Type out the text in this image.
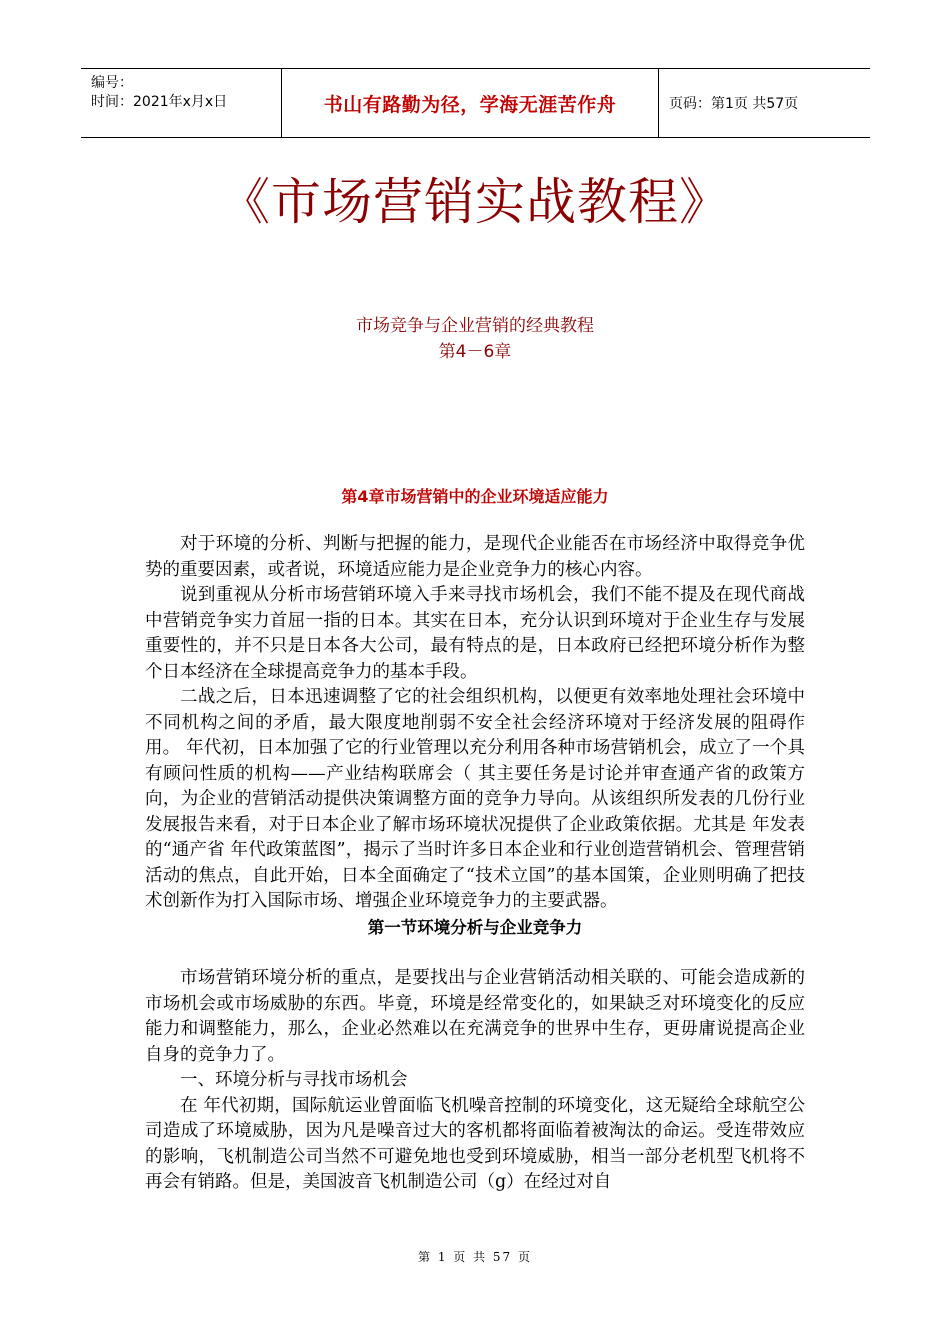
编号：
时间：2021年x月x日	书山有路勤为径，学海无涯苦作舟	页码：第1页 共57页
《市场营销实战教程》
市场竞争与企业营销的经典教程
第4－6章
第4章市场营销中的企业环境适应能力

对于环境的分析、判断与把握的能力，是现代企业能否在市场经济中取得竞争优势的重要因素，或者说，环境适应能力是企业竞争力的核心内容。

说到重视从分析市场营销环境入手来寻找市场机会，我们不能不提及在现代商战中营销竞争实力首屈一指的日本。其实在日本，充分认识到环境对于企业生存与发展重要性的，并不只是日本各大公司，最有特点的是，日本政府已经把环境分析作为整个日本经济在全球提高竞争力的基本手段。

二战之后，日本迅速调整了它的社会组织机构，以便更有效率地处理社会环境中不同机构之间的矛盾，最大限度地削弱不安全社会经济环境对于经济发展的阻碍作用。 年代初，日本加强了它的行业管理以充分利用各种市场营销机会，成立了一个具有顾问性质的机构——产业结构联席会（ 其主要任务是讨论并审查通产省的政策方向，为企业的营销活动提供决策调整方面的竞争力导向。从该组织所发表的几份行业发展报告来看，对于日本企业了解市场环境状况提供了企业政策依据。尤其是 年发表的“通产省 年代政策蓝图”，揭示了当时许多日本企业和行业创造营销机会、管理营销活动的焦点，自此开始，日本全面确定了“技术立国”的基本国策，企业则明确了把技术创新作为打入国际市场、增强企业环境竞争力的主要武器。

第一节环境分析与企业竞争力

市场营销环境分析的重点，是要找出与企业营销活动相关联的、可能会造成新的市场机会或市场威胁的东西。毕竟，环境是经常变化的，如果缺乏对环境变化的反应能力和调整能力，那么，企业必然难以在充满竞争的世界中生存，更毋庸说提高企业自身的竞争力了。

一、环境分析与寻找市场机会

在 年代初期，国际航运业曾面临飞机噪音控制的环境变化，这无疑给全球航空公司造成了环境威胁，因为凡是噪音过大的客机都将面临着被淘汰的命运。受连带效应的影响，飞机制造公司当然不可避免地也受到环境威胁，相当一部分老机型飞机将不再会有销路。但是，美国波音飞机制造公司（g）在经过对自

第 1 页 共 57 页
